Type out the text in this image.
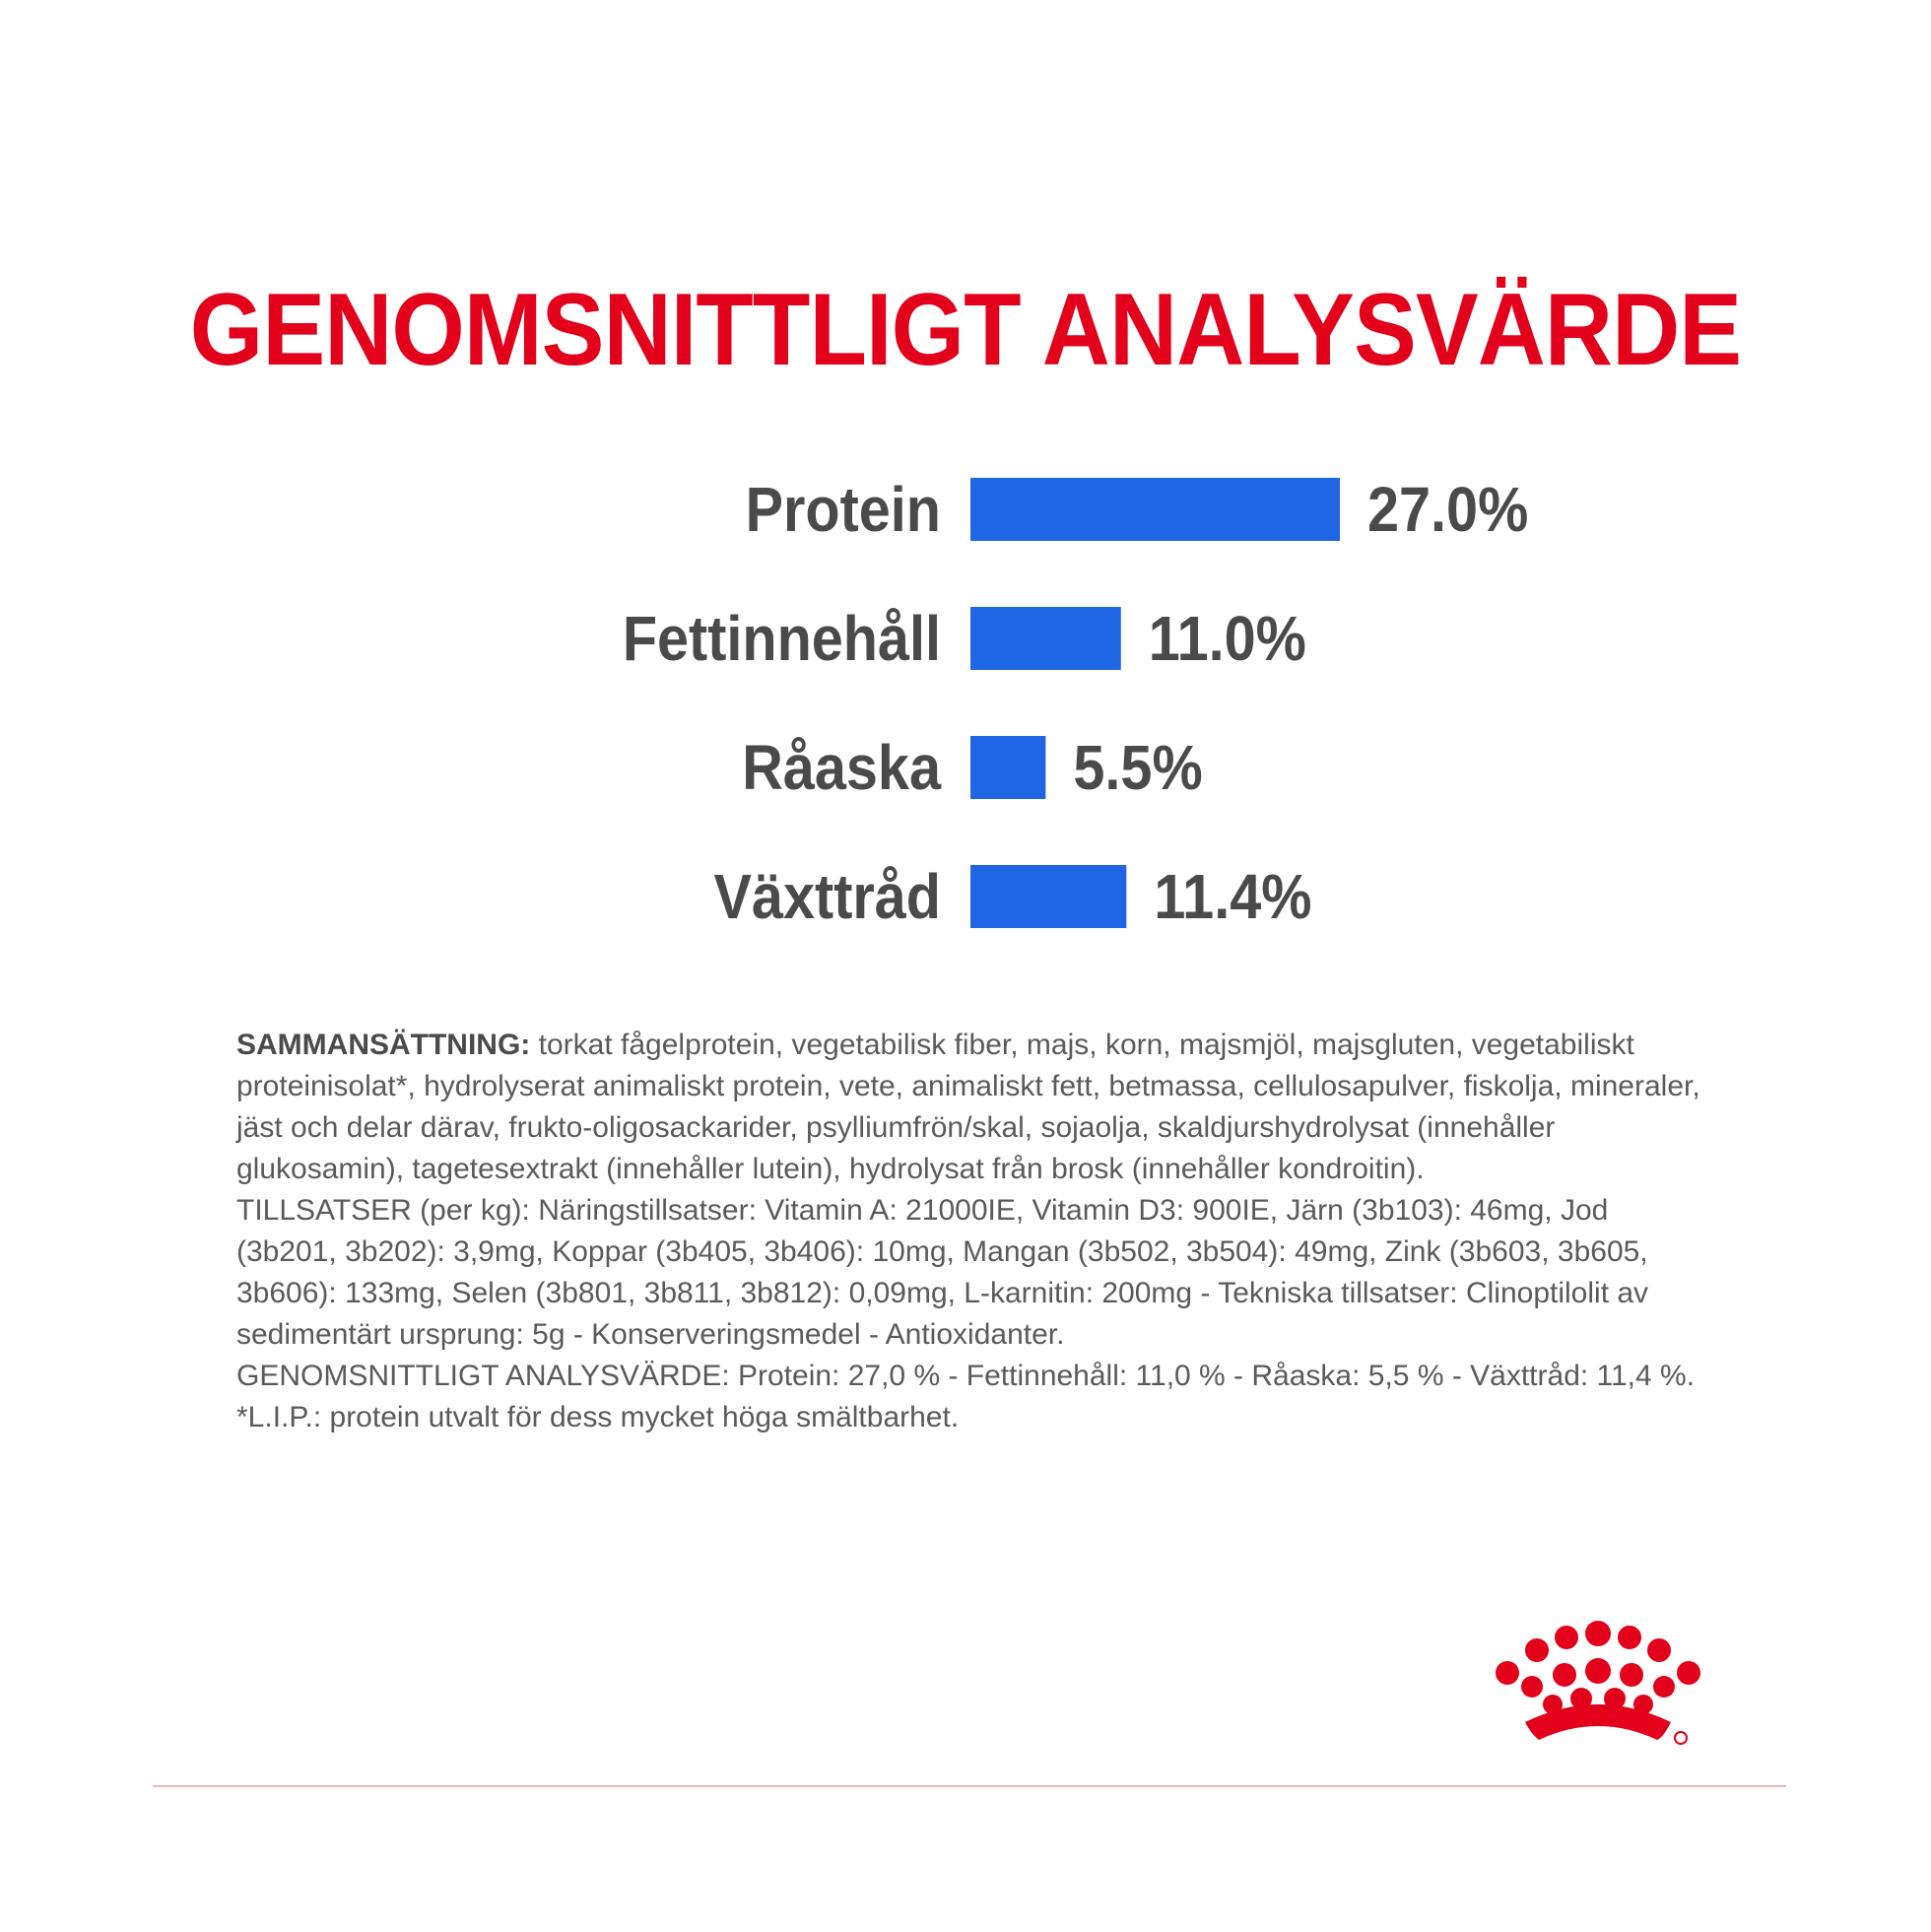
GENOMSNITTLIGT ANALYSVÄRDE
Protein	27.0%
Fettinnehåll	11.0%
Råaska 5.5%
Växttråd	11.4%

SAMMANSÄTTNING: torkat fågelprotein, vegetabilisk fiber, majs, korn, majsmjöl, majsgluten, vegetabiliskt proteinisolat*, hydrolyserat animaliskt protein, vete, animaliskt fett, betmassa, cellulosapulver, fiskolja, mineraler, jäst och delar därav, frukto-oligosackarider, psylliumfrön/skal, sojaolja, skaldjurshydrolysat (innehåller glukosamin), tagetesextrakt (innehåller lutein), hydrolysat från brosk (innehåller kondroitin).

TILLSATSER (per kg): Näringstillsatser: Vitamin A: 21000IE, Vitamin D3: 900IE, Järn (3b103): 46mg, Jod (3b201, 3b202): 3,9mg, Koppar (3b405, 3b406): 10mg, Mangan (3b502, 3b504): 49mg, Zink (3b603, 3b605, 3b606): 133mg, Selen (3b801, 3b811, 3b812): 0,09mg, L-karnitin: 200mg - Tekniska tillsatser: Clinoptilolit av sedimentärt ursprung: 5g - Konserveringsmedel - Antioxidanter.

GENOMSNITTLIGT ANALYSVÄRDE: Protein: 27,0 % - Fettinnehåll: 11,0 % - Råaska: 5,5 % - Växttråd: 11,4 %.

*L.I.P.: protein utvalt för dess mycket höga smältbarhet.
